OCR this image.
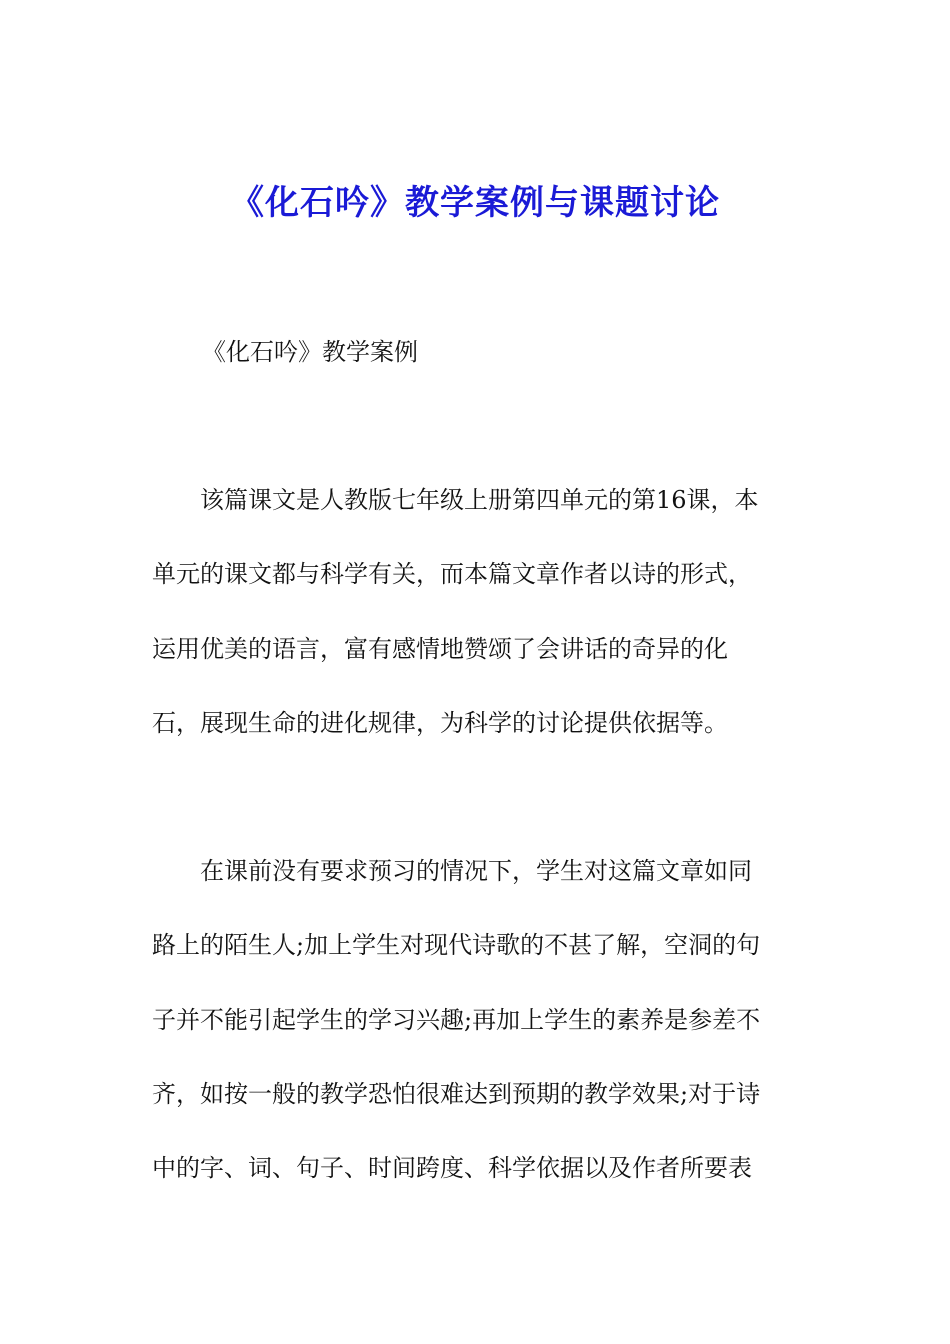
《化石吟》教学案例与课题讨论
《化石吟》教学案例
　　该篇课文是人教版七年级上册第四单元的第16课，本
单元的课文都与科学有关，而本篇文章作者以诗的形式，
运用优美的语言，富有感情地赞颂了会讲话的奇异的化
石，展现生命的进化规律，为科学的讨论提供依据等。
　　在课前没有要求预习的情况下，学生对这篇文章如同
路上的陌生人;加上学生对现代诗歌的不甚了解，空洞的句
子并不能引起学生的学习兴趣;再加上学生的素养是参差不
齐，如按一般的教学恐怕很难达到预期的教学效果;对于诗
中的字、词、句子、时间跨度、科学依据以及作者所要表
